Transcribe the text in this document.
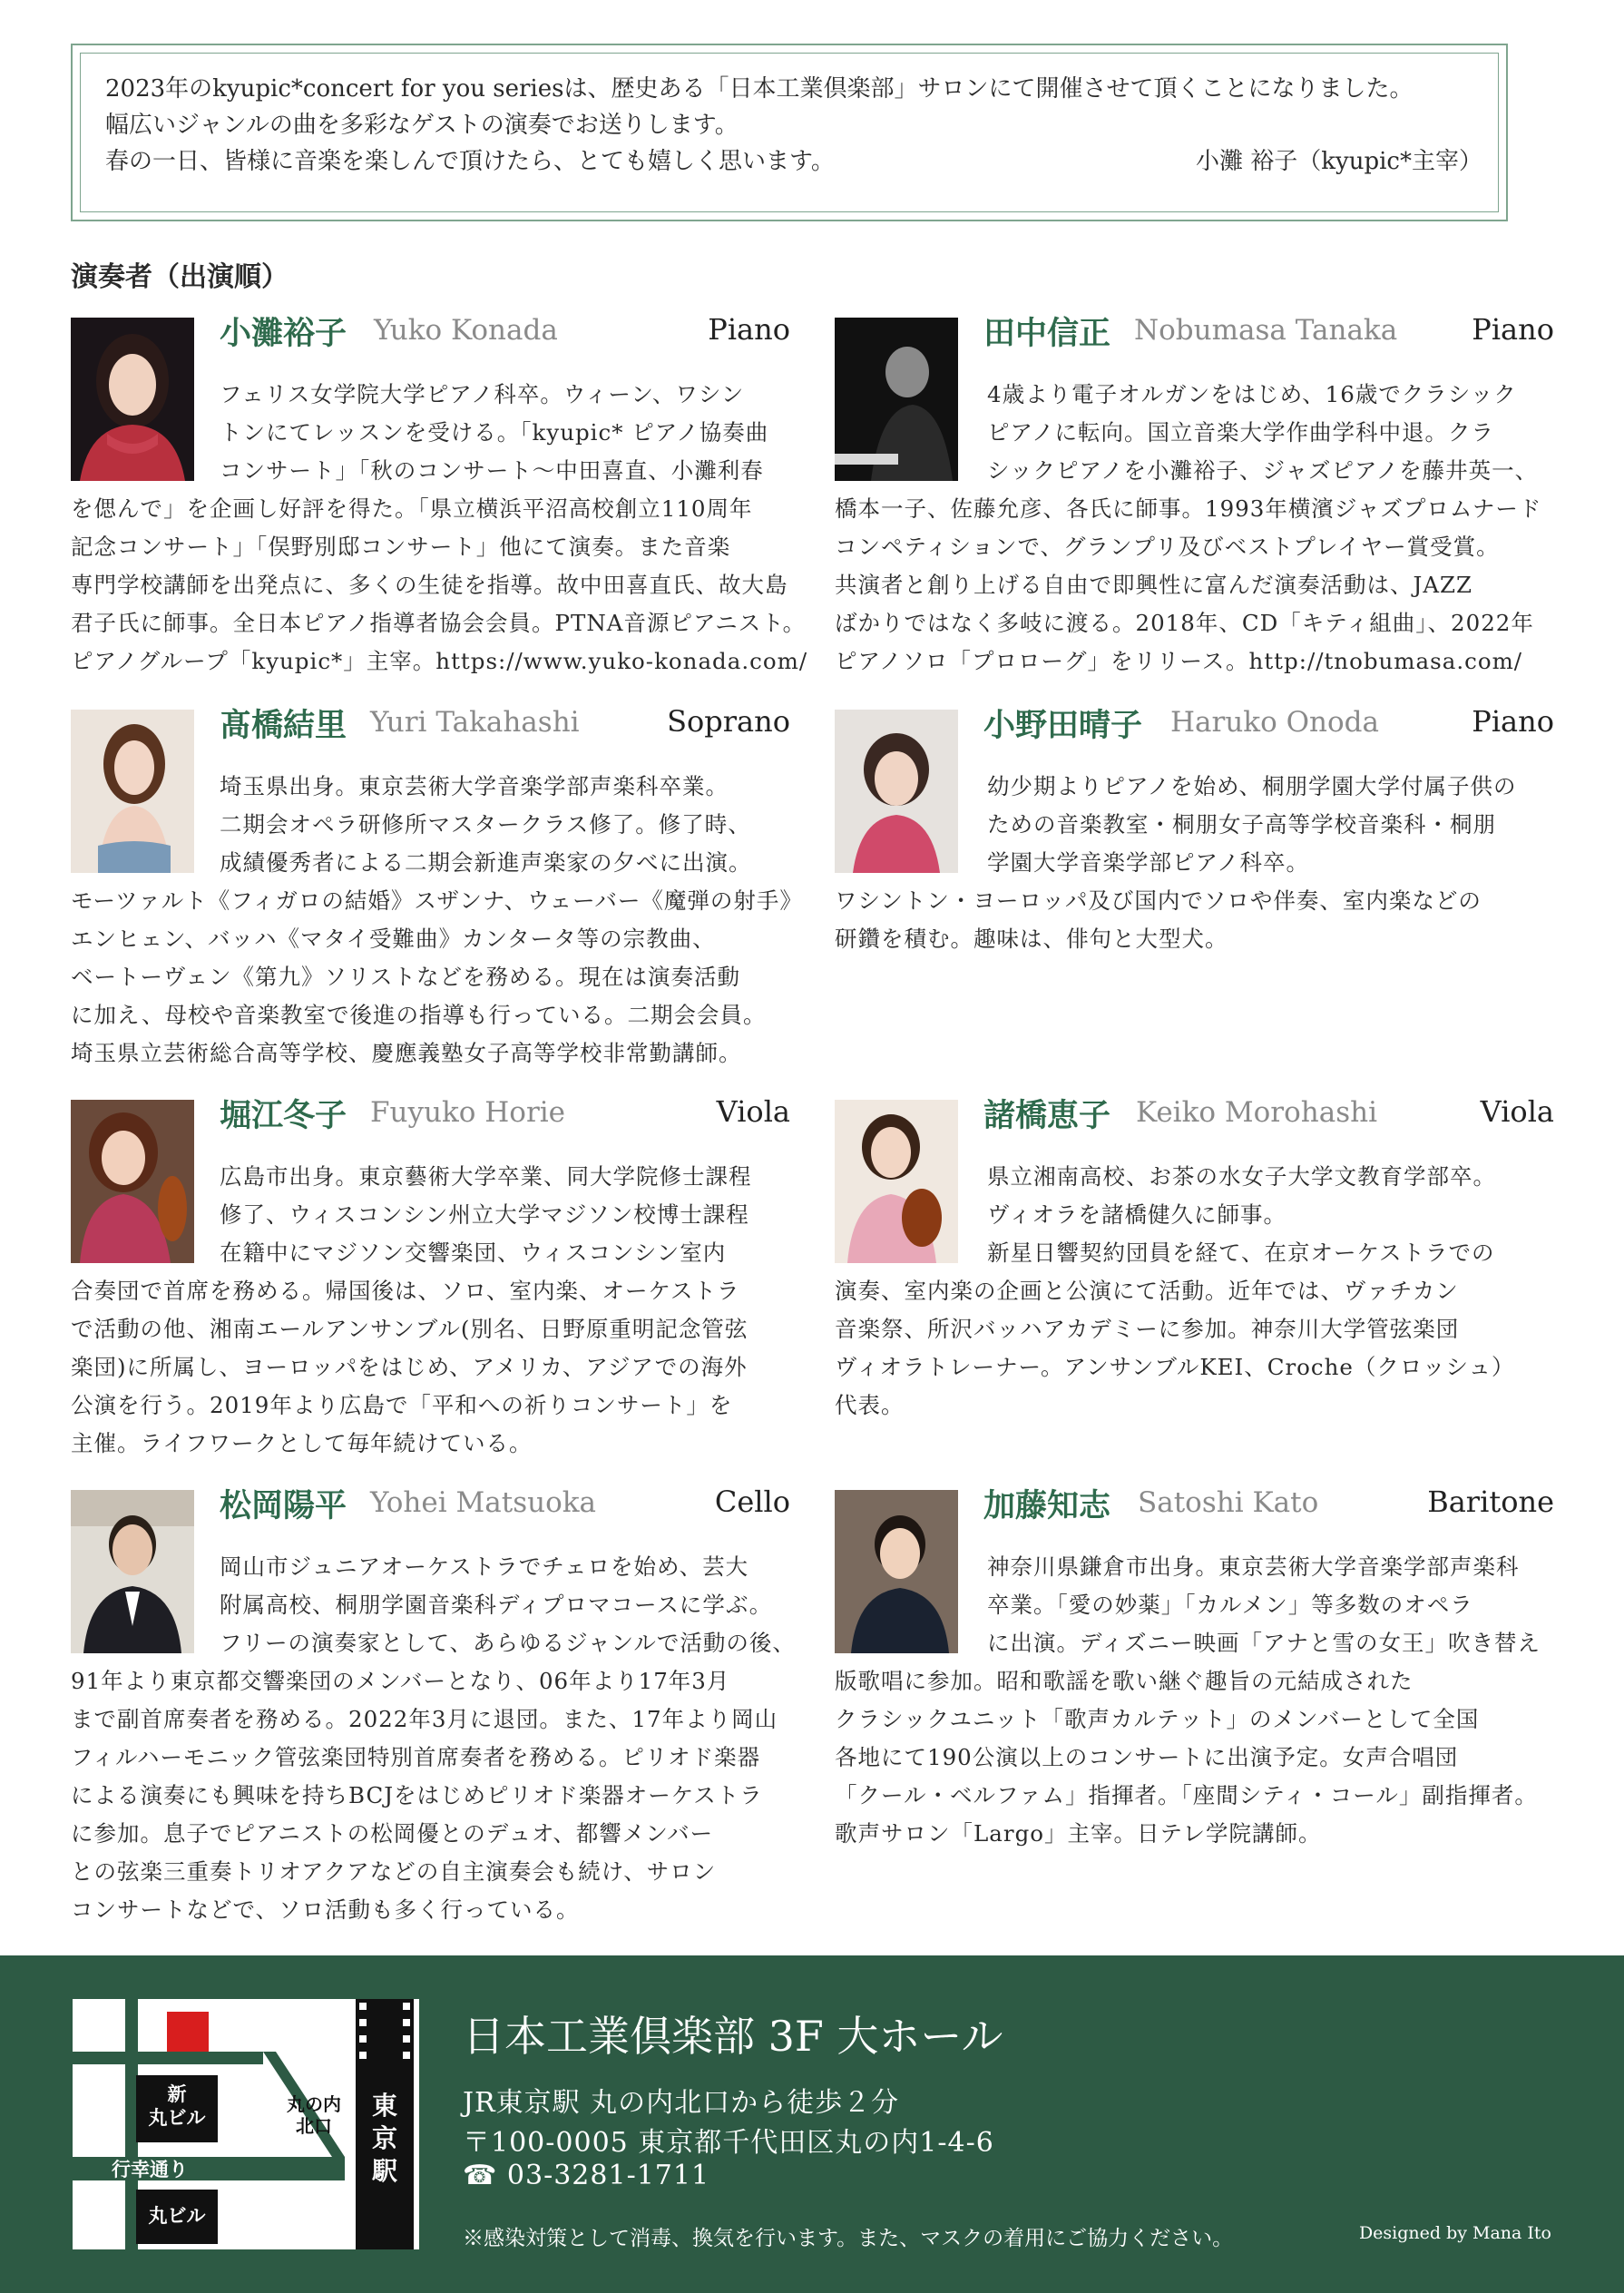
2023年のkyupic*concert for you seriesは、歴史ある「日本工業倶楽部」サロンにて開催させて頂くことになりました。
幅広いジャンルの曲を多彩なゲストの演奏でお送りします。
春の一日、皆様に音楽を楽しんで頂けたら、とても嬉しく思います。	小灘 裕子（kyupic*主宰）
演奏者（出演順）
小灘裕子 Yuko Konada	Piano
フェリス女学院大学ピアノ科卒。ウィーン、ワシン
トンにてレッスンを受ける。「kyupic* ピアノ協奏曲
コンサート」「秋のコンサート〜中田喜直、小灘利春
を偲んで」を企画し好評を得た。「県立横浜平沼高校創立110周年
記念コンサート」「俣野別邸コンサート」他にて演奏。また音楽
専門学校講師を出発点に、多くの生徒を指導。故中田喜直氏、故大島
君子氏に師事。全日本ピアノ指導者協会会員。PTNA音源ピアニスト。
ピアノグループ「kyupic*」主宰。https://www.yuko-konada.com/
田中信正 Nobumasa Tanaka	Piano
4歳より電子オルガンをはじめ、16歳でクラシック
ピアノに転向。国立音楽大学作曲学科中退。クラ
シックピアノを小灘裕子、ジャズピアノを藤井英一、
橋本一子、佐藤允彦、各氏に師事。1993年横濱ジャズプロムナード
コンペティションで、グランプリ及びベストプレイヤー賞受賞。
共演者と創り上げる自由で即興性に富んだ演奏活動は、JAZZ
ばかりではなく多岐に渡る。2018年、CD「キティ組曲」、2022年
ピアノソロ「プロローグ」をリリース。http://tnobumasa.com/
髙橋結里 Yuri Takahashi	Soprano
埼玉県出身。東京芸術大学音楽学部声楽科卒業。
二期会オペラ研修所マスタークラス修了。修了時、
成績優秀者による二期会新進声楽家の夕べに出演。
モーツァルト《フィガロの結婚》スザンナ、ウェーバー《魔弾の射手》
エンヒェン、バッハ《マタイ受難曲》カンタータ等の宗教曲、
ベートーヴェン《第九》ソリストなどを務める。現在は演奏活動
に加え、母校や音楽教室で後進の指導も行っている。二期会会員。
埼玉県立芸術総合高等学校、慶應義塾女子高等学校非常勤講師。
小野田晴子 Haruko Onoda	Piano
幼少期よりピアノを始め、桐朋学園大学付属子供の
ための音楽教室・桐朋女子高等学校音楽科・桐朋
学園大学音楽学部ピアノ科卒。
ワシントン・ヨーロッパ及び国内でソロや伴奏、室内楽などの
研鑽を積む。趣味は、俳句と大型犬。
堀江冬子 Fuyuko Horie	Viola
広島市出身。東京藝術大学卒業、同大学院修士課程
修了、ウィスコンシン州立大学マジソン校博士課程
在籍中にマジソン交響楽団、ウィスコンシン室内
合奏団で首席を務める。帰国後は、ソロ、室内楽、オーケストラ
で活動の他、湘南エールアンサンブル(別名、日野原重明記念管弦
楽団)に所属し、ヨーロッパをはじめ、アメリカ、アジアでの海外
公演を行う。2019年より広島で「平和への祈りコンサート」を
主催。ライフワークとして毎年続けている。
諸橋恵子 Keiko Morohashi	Viola
県立湘南高校、お茶の水女子大学文教育学部卒。
ヴィオラを諸橋健久に師事。
新星日響契約団員を経て、在京オーケストラでの
演奏、室内楽の企画と公演にて活動。近年では、ヴァチカン
音楽祭、所沢バッハアカデミーに参加。神奈川大学管弦楽団
ヴィオラトレーナー。アンサンブルKEI、Croche（クロッシュ）
代表。
松岡陽平 Yohei Matsuoka	Cello
岡山市ジュニアオーケストラでチェロを始め、芸大
附属高校、桐朋学園音楽科ディプロマコースに学ぶ。
フリーの演奏家として、あらゆるジャンルで活動の後、
91年より東京都交響楽団のメンバーとなり、06年より17年3月
まで副首席奏者を務める。2022年3月に退団。また、17年より岡山
フィルハーモニック管弦楽団特別首席奏者を務める。ピリオド楽器
による演奏にも興味を持ちBCJをはじめピリオド楽器オーケストラ
に参加。息子でピアニストの松岡優とのデュオ、都響メンバー
との弦楽三重奏トリオアクアなどの自主演奏会も続け、サロン
コンサートなどで、ソロ活動も多く行っている。
加藤知志 Satoshi Kato	Baritone
神奈川県鎌倉市出身。東京芸術大学音楽学部声楽科
卒業。「愛の妙薬」「カルメン」等多数のオペラ
に出演。ディズニー映画「アナと雪の女王」吹き替え
版歌唱に参加。昭和歌謡を歌い継ぐ趣旨の元結成された
クラシックユニット「歌声カルテット」のメンバーとして全国
各地にて190公演以上のコンサートに出演予定。女声合唱団
「クール・ベルファム」指揮者。「座間シティ・コール」副指揮者。
歌声サロン「Largo」主宰。日テレ学院講師。
新
丸ビル
丸の内
北口
東
京
駅
行幸通り
丸ビル
日本工業倶楽部 3F 大ホール
JR東京駅 丸の内北口から徒歩２分
〒100-0005 東京都千代田区丸の内1-4-6
☎ 03-3281-1711
※感染対策として消毒、換気を行います。また、マスクの着用にご協力ください。	Designed by Mana Ito
